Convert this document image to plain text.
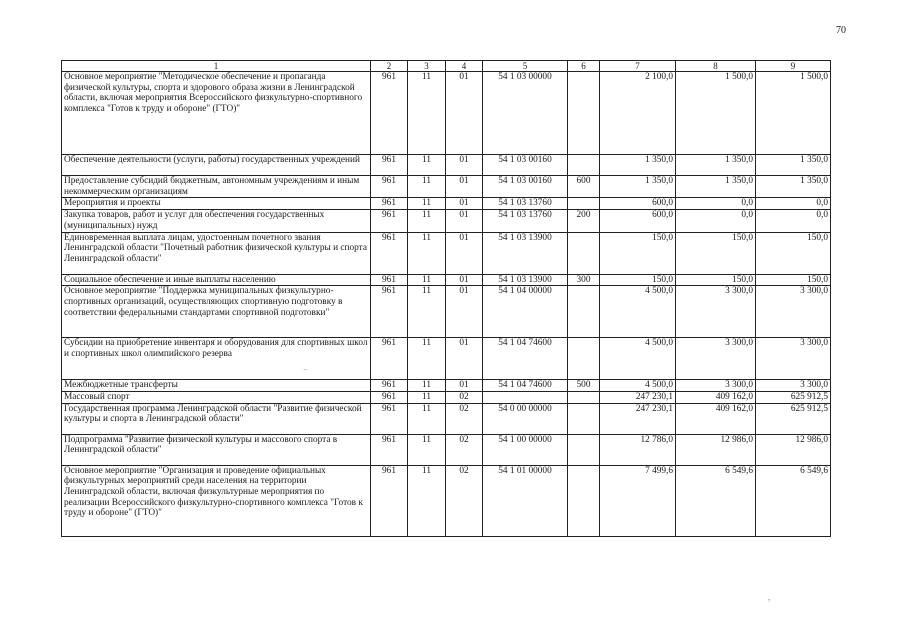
70
1	2	3	4	5	6	7	8	9
Основное мероприятие "Методическое обеспечение и пропаганда физической культуры, спорта и здорового образа жизни в Ленинградской области, включая мероприятия Всероссийского физкультурно-спортивного комплекса "Готов к труду и обороне" (ГТО)"	961	11	01	54 1 03 00000		2 100,0	1 500,0	1 500,0
Обеспечение деятельности (услуги, работы) государственных учреждений	961	11	01	54 1 03 00160		1 350,0	1 350,0	1 350,0
Предоставление субсидий бюджетным, автономным учреждениям и иным некоммерческим организациям	961	11	01	54 1 03 00160	600	1 350,0	1 350,0	1 350,0
Мероприятия и проекты	961	11	01	54 1 03 13760		600,0	0,0	0,0
Закупка товаров, работ и услуг для обеспечения государственных (муниципальных) нужд	961	11	01	54 1 03 13760	200	600,0	0,0	0,0
Единовременная выплата лицам, удостоенным почетного звания Ленинградской области "Почетный работник физической культуры и спорта Ленинградской области"	961	11	01	54 1 03 13900		150,0	150,0	150,0
Социальное обеспечение и иные выплаты населению	961	11	01	54 1 03 13900	300	150,0	150,0	150,0
Основное мероприятие "Поддержка муниципальных физкультурно-спортивных организаций, осуществляющих спортивную подготовку в соответствии федеральными стандартами спортивной подготовки"	961	11	01	54 1 04 00000		4 500,0	3 300,0	3 300,0
Субсидии на приобретение инвентаря и оборудования для спортивных школ и спортивных школ олимпийского резерва	961	11	01	54 1 04 74600		4 500,0	3 300,0	3 300,0
Межбюджетные трансферты	961	11	01	54 1 04 74600	500	4 500,0	3 300,0	3 300,0
Массовый спорт	961	11	02			247 230,1	409 162,0	625 912,5
Государственная программа Ленинградской области "Развитие физической культуры и спорта в Ленинградской области"	961	11	02	54 0 00 00000		247 230,1	409 162,0	625 912,5
Подпрограмма "Развитие физической культуры и массового спорта в Ленинградской области"	961	11	02	54 1 00 00000		12 786,0	12 986,0	12 986,0
Основное мероприятие "Организация и проведение официальных физкультурных мероприятий среди населения на территории Ленинградской области, включая физкультурные мероприятия по реализации Всероссийского физкультурно-спортивного комплекса "Готов к труду и обороне" (ГТО)"	961	11	02	54 1 01 00000		7 499,6	6 549,6	6 549,6
⁻
,
